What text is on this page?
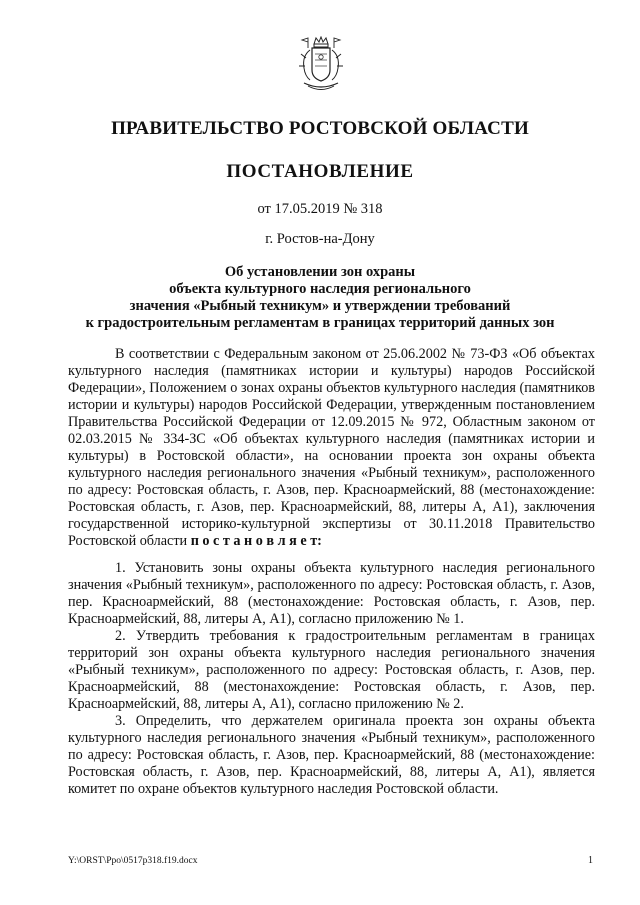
ПРАВИТЕЛЬСТВО РОСТОВСКОЙ ОБЛАСТИ
ПОСТАНОВЛЕНИЕ
от 17.05.2019 № 318
г. Ростов-на-Дону
Об установлении зон охраны
объекта культурного наследия регионального
значения «Рыбный техникум» и утверждении требований
к градостроительным регламентам в границах территорий данных зон

В соответствии с Федеральным законом от 25.06.2002 № 73-ФЗ «Об объектах культурного наследия (памятниках истории и культуры) народов Российской Федерации», Положением о зонах охраны объектов культурного наследия (памятников истории и культуры) народов Российской Федерации, утвержденным постановлением Правительства Российской Федерации от 12.09.2015 № 972, Областным законом от 02.03.2015 № 334-ЗС «Об объектах культурного наследия (памятниках истории и культуры) в Ростовской области», на основании проекта зон охраны объекта культурного наследия регионального значения «Рыбный техникум», расположенного по адресу: Ростовская область, г. Азов, пер. Красноармейский, 88 (местонахождение: Ростовская область, г. Азов, пер. Красноармейский, 88, литеры А, А1), заключения государственной историко-культурной экспертизы от 30.11.2018 Правительство Ростовской области п о с т а н о в л я е т:

1. Установить зоны охраны объекта культурного наследия регионального значения «Рыбный техникум», расположенного по адресу: Ростовская область, г. Азов, пер. Красноармейский, 88 (местонахождение: Ростовская область, г. Азов, пер. Красноармейский, 88, литеры А, А1), согласно приложению № 1.

2. Утвердить требования к градостроительным регламентам в границах территорий зон охраны объекта культурного наследия регионального значения «Рыбный техникум», расположенного по адресу: Ростовская область, г. Азов, пер. Красноармейский, 88 (местонахождение: Ростовская область, г. Азов, пер. Красноармейский, 88, литеры А, А1), согласно приложению № 2.

3. Определить, что держателем оригинала проекта зон охраны объекта культурного наследия регионального значения «Рыбный техникум», расположенного по адресу: Ростовская область, г. Азов, пер. Красноармейский, 88 (местонахождение: Ростовская область, г. Азов, пер. Красноармейский, 88, литеры А, А1), является комитет по охране объектов культурного наследия Ростовской области.

Y:\ORST\Ppo\0517p318.f19.docx	1
